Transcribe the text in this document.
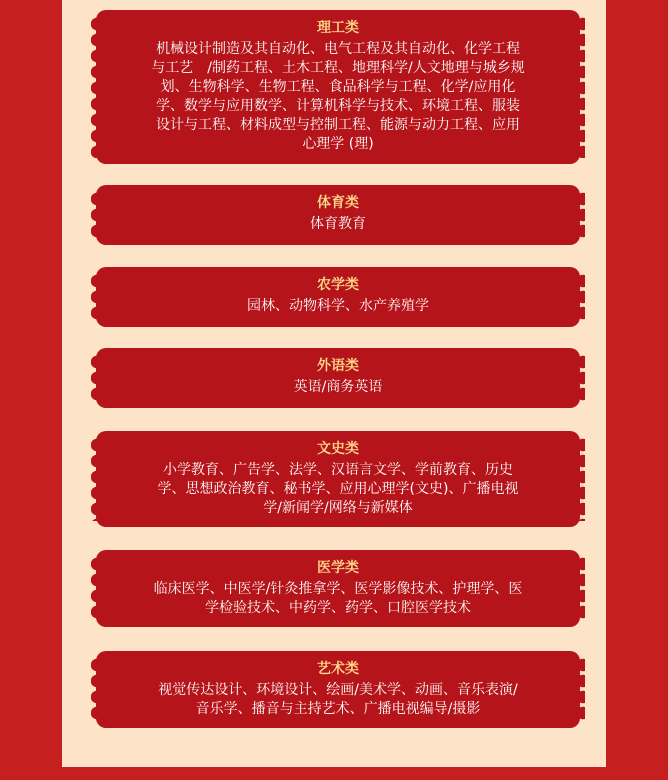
理工类
机械设计制造及其自动化、电气工程及其自动化、化学工程
与工艺　/制药工程、土木工程、地理科学/人文地理与城乡规
划、生物科学、生物工程、食品科学与工程、化学/应用化
学、数学与应用数学、计算机科学与技术、环境工程、服装
设计与工程、材料成型与控制工程、能源与动力工程、应用
心理学 (理)
体育类
体育教育
农学类
园林、动物科学、水产养殖学
外语类
英语/商务英语
文史类
小学教育、广告学、法学、汉语言文学、学前教育、历史
学、思想政治教育、秘书学、应用心理学(文史)、广播电视
学/新闻学/网络与新媒体
医学类
临床医学、中医学/针灸推拿学、医学影像技术、护理学、医
学检验技术、中药学、药学、口腔医学技术
艺术类
视觉传达设计、环境设计、绘画/美术学、动画、音乐表演/
音乐学、播音与主持艺术、广播电视编导/摄影
